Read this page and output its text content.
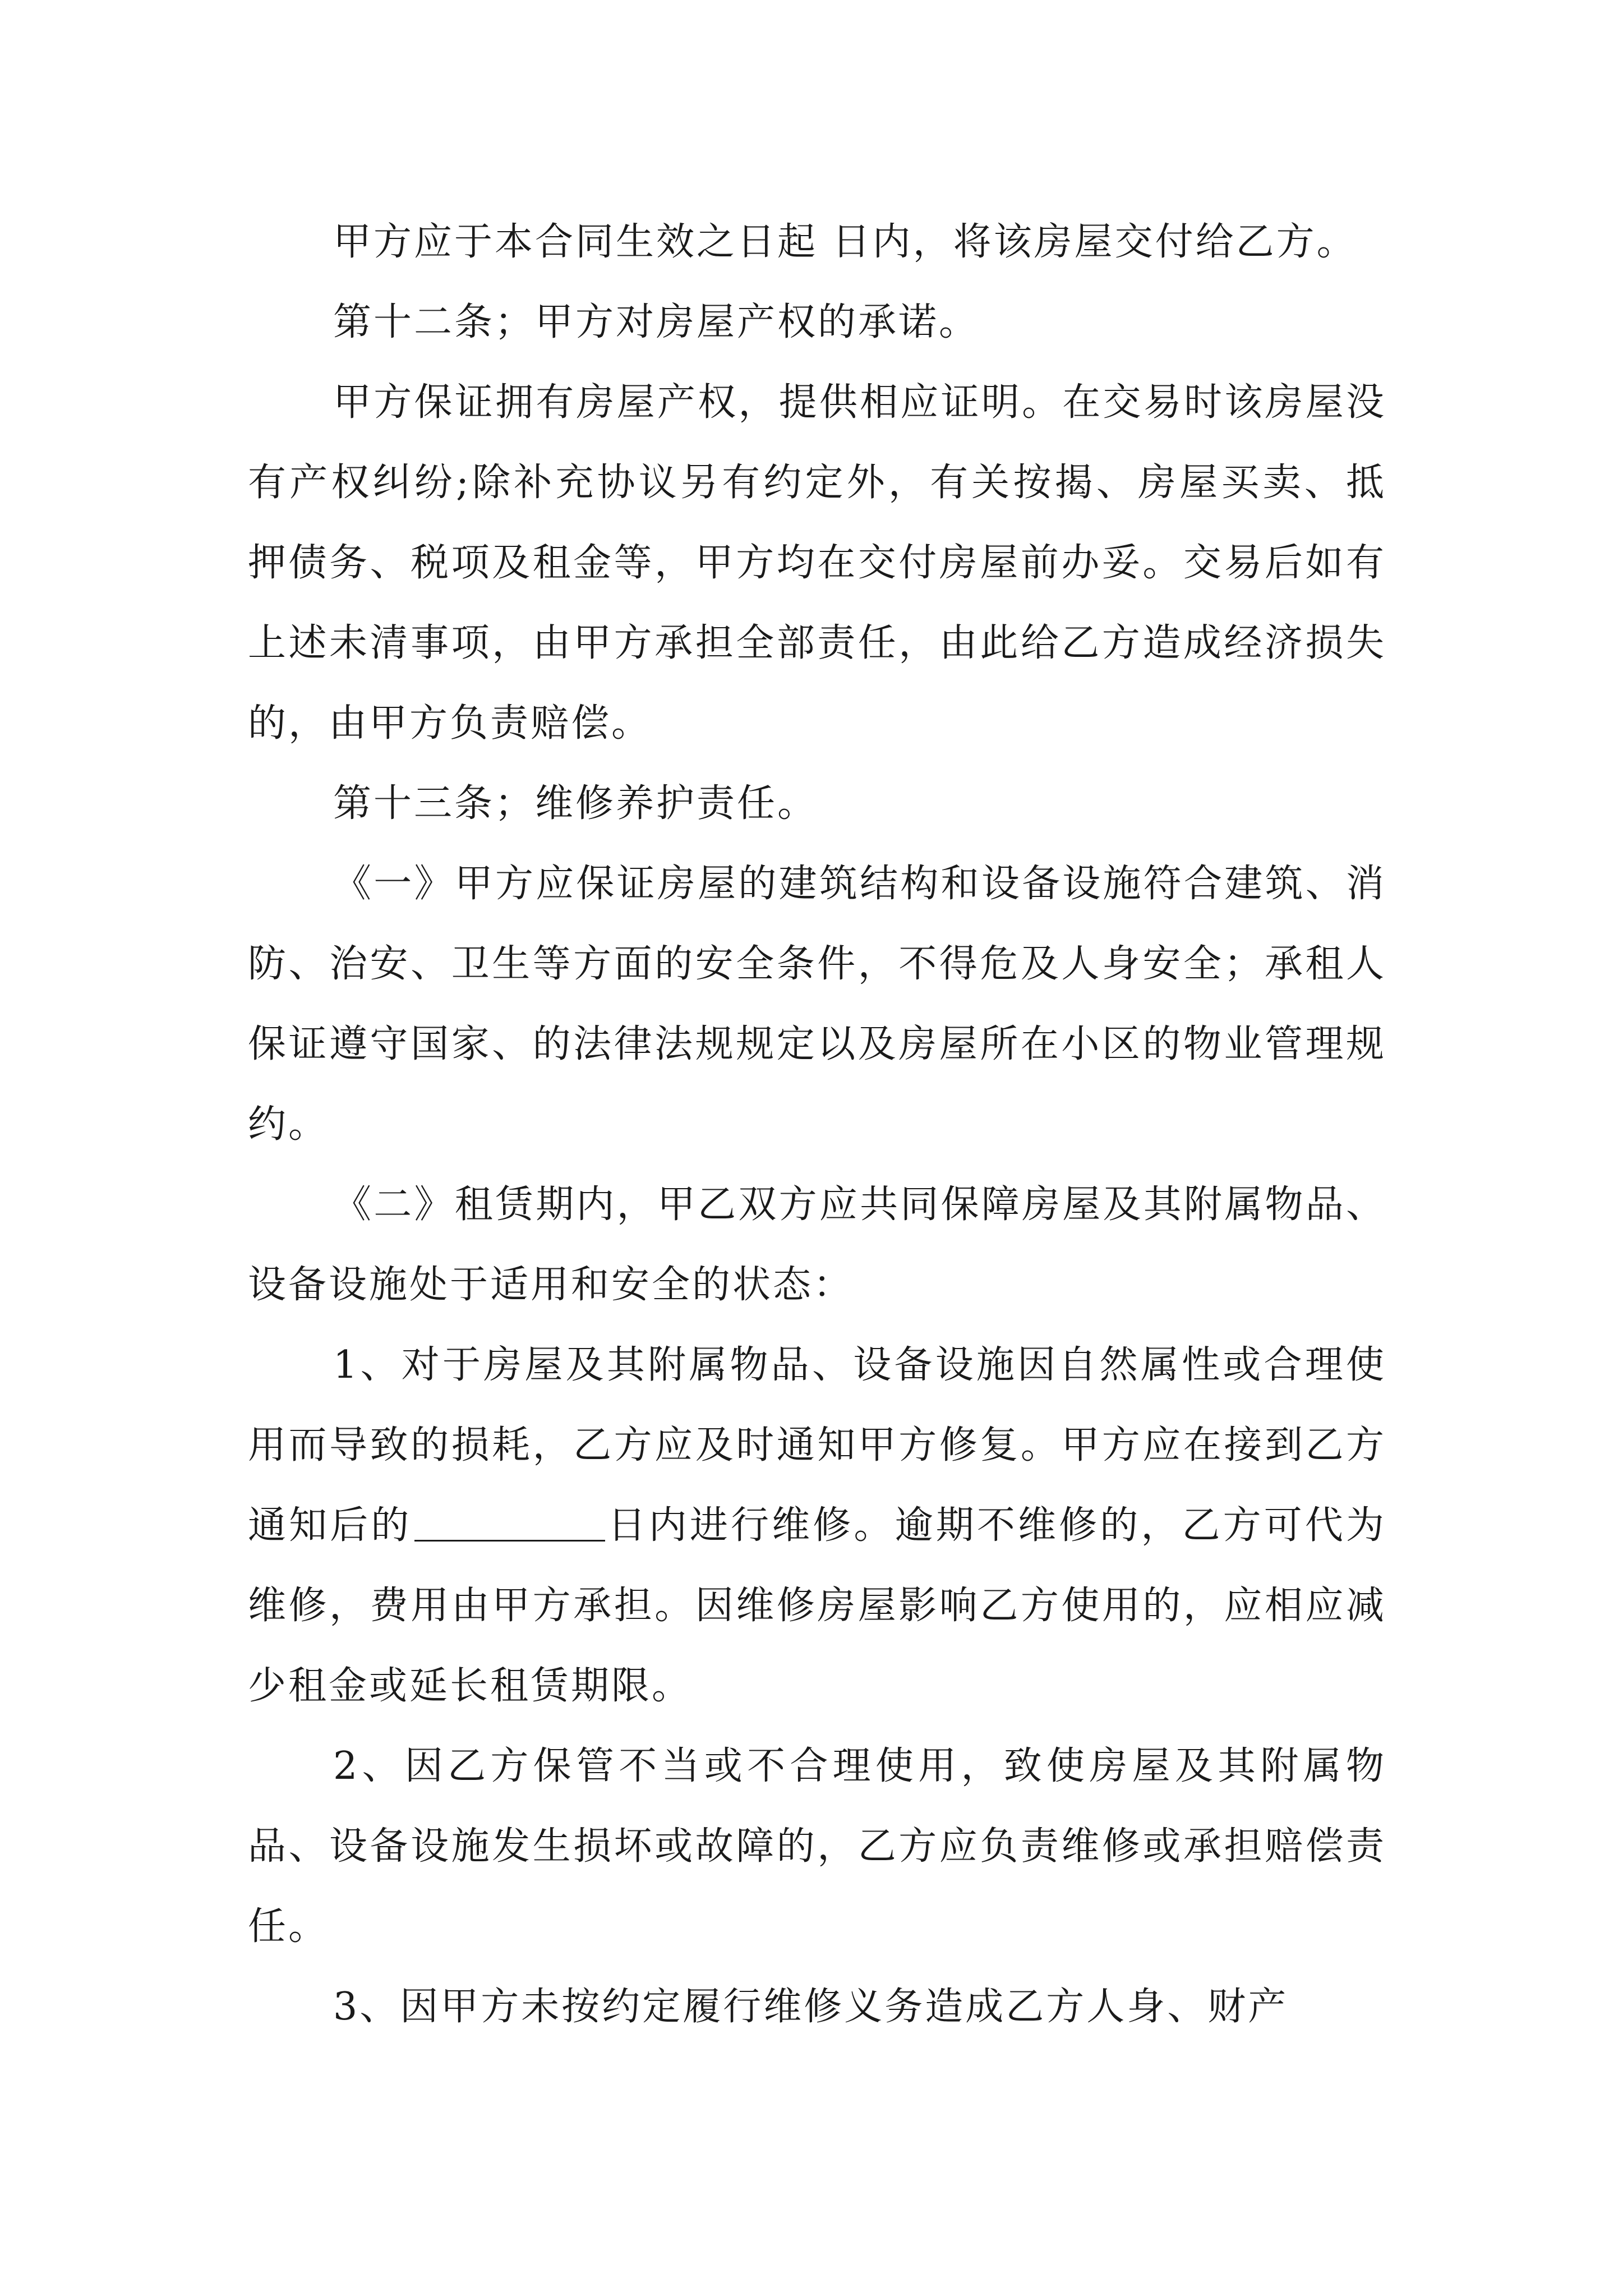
甲方应于本合同生效之日起 日内，将该房屋交付给乙方。

第十二条；甲方对房屋产权的承诺。

甲方保证拥有房屋产权，提供相应证明。在交易时该房屋没有产权纠纷;除补充协议另有约定外，有关按揭、房屋买卖、抵押债务、税项及租金等，甲方均在交付房屋前办妥。交易后如有上述未清事项，由甲方承担全部责任，由此给乙方造成经济损失的，由甲方负责赔偿。

第十三条；维修养护责任。

《一》甲方应保证房屋的建筑结构和设备设施符合建筑、消防、治安、卫生等方面的安全条件，不得危及人身安全；承租人保证遵守国家、的法律法规规定以及房屋所在小区的物业管理规约。

《二》租赁期内，甲乙双方应共同保障房屋及其附属物品、设备设施处于适用和安全的状态：

1、对于房屋及其附属物品、设备设施因自然属性或合理使用而导致的损耗，乙方应及时通知甲方修复。甲方应在接到乙方通知后的	日内进行维修。逾期不维修的，乙方可代为维修，费用由甲方承担。因维修房屋影响乙方使用的，应相应减少租金或延长租赁期限。

2、因乙方保管不当或不合理使用，致使房屋及其附属物品、设备设施发生损坏或故障的，乙方应负责维修或承担赔偿责任。

3、因甲方未按约定履行维修义务造成乙方人身、财产
